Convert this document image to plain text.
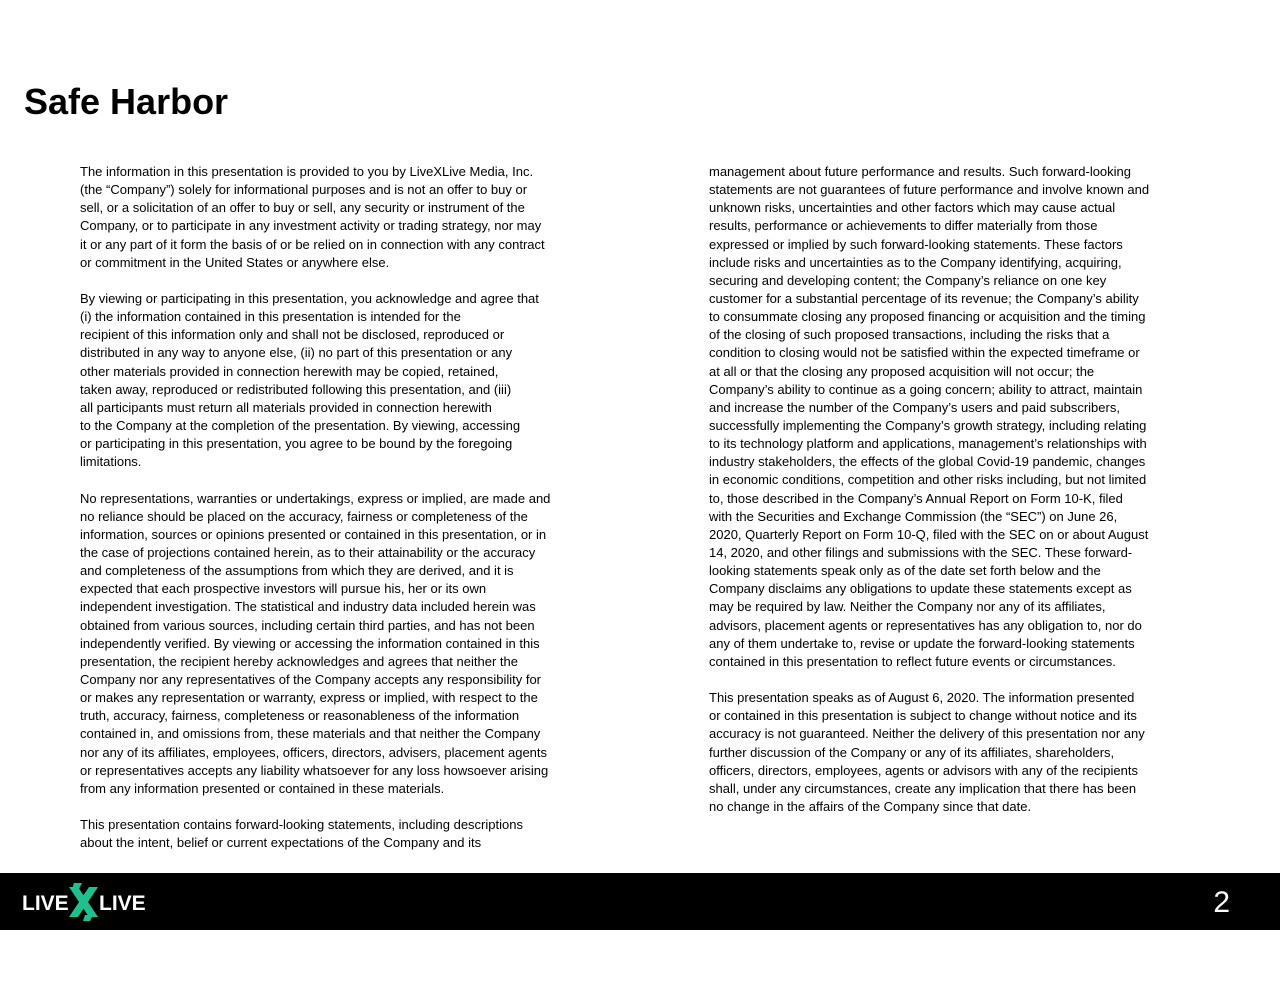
Safe Harbor
The information in this presentation is provided to you by LiveXLive Media, Inc.
(the “Company”) solely for informational purposes and is not an offer to buy or
sell, or a solicitation of an offer to buy or sell, any security or instrument of the
Company, or to participate in any investment activity or trading strategy, nor may
it or any part of it form the basis of or be relied on in connection with any contract
or commitment in the United States or anywhere else.
By viewing or participating in this presentation, you acknowledge and agree that
(i) the information contained in this presentation is intended for the
recipient of this information only and shall not be disclosed, reproduced or
distributed in any way to anyone else, (ii) no part of this presentation or any
other materials provided in connection herewith may be copied, retained,
taken away, reproduced or redistributed following this presentation, and (iii)
all participants must return all materials provided in connection herewith
to the Company at the completion of the presentation. By viewing, accessing
or participating in this presentation, you agree to be bound by the foregoing
limitations.
No representations, warranties or undertakings, express or implied, are made and
no reliance should be placed on the accuracy, fairness or completeness of the
information, sources or opinions presented or contained in this presentation, or in
the case of projections contained herein, as to their attainability or the accuracy
and completeness of the assumptions from which they are derived, and it is
expected that each prospective investors will pursue his, her or its own
independent investigation. The statistical and industry data included herein was
obtained from various sources, including certain third parties, and has not been
independently verified. By viewing or accessing the information contained in this
presentation, the recipient hereby acknowledges and agrees that neither the
Company nor any representatives of the Company accepts any responsibility for
or makes any representation or warranty, express or implied, with respect to the
truth, accuracy, fairness, completeness or reasonableness of the information
contained in, and omissions from, these materials and that neither the Company
nor any of its affiliates, employees, officers, directors, advisers, placement agents
or representatives accepts any liability whatsoever for any loss howsoever arising
from any information presented or contained in these materials.
This presentation contains forward-looking statements, including descriptions
about the intent, belief or current expectations of the Company and its
management about future performance and results. Such forward-looking
statements are not guarantees of future performance and involve known and
unknown risks, uncertainties and other factors which may cause actual
results, performance or achievements to differ materially from those
expressed or implied by such forward-looking statements. These factors
include risks and uncertainties as to the Company identifying, acquiring,
securing and developing content; the Company’s reliance on one key
customer for a substantial percentage of its revenue; the Company’s ability
to consummate closing any proposed financing or acquisition and the timing
of the closing of such proposed transactions, including the risks that a
condition to closing would not be satisfied within the expected timeframe or
at all or that the closing any proposed acquisition will not occur; the
Company’s ability to continue as a going concern; ability to attract, maintain
and increase the number of the Company’s users and paid subscribers,
successfully implementing the Company’s growth strategy, including relating
to its technology platform and applications, management’s relationships with
industry stakeholders, the effects of the global Covid-19 pandemic, changes
in economic conditions, competition and other risks including, but not limited
to, those described in the Company’s Annual Report on Form 10-K, filed
with the Securities and Exchange Commission (the “SEC”) on June 26,
2020, Quarterly Report on Form 10-Q, filed with the SEC on or about August
14, 2020, and other filings and submissions with the SEC. These forward-
looking statements speak only as of the date set forth below and the
Company disclaims any obligations to update these statements except as
may be required by law. Neither the Company nor any of its affiliates,
advisors, placement agents or representatives has any obligation to, nor do
any of them undertake to, revise or update the forward-looking statements
contained in this presentation to reflect future events or circumstances.
This presentation speaks as of August 6, 2020. The information presented
or contained in this presentation is subject to change without notice and its
accuracy is not guaranteed. Neither the delivery of this presentation nor any
further discussion of the Company or any of its affiliates, shareholders,
officers, directors, employees, agents or advisors with any of the recipients
shall, under any circumstances, create any implication that there has been
no change in the affairs of the Company since that date.
LIVE LIVE	2
